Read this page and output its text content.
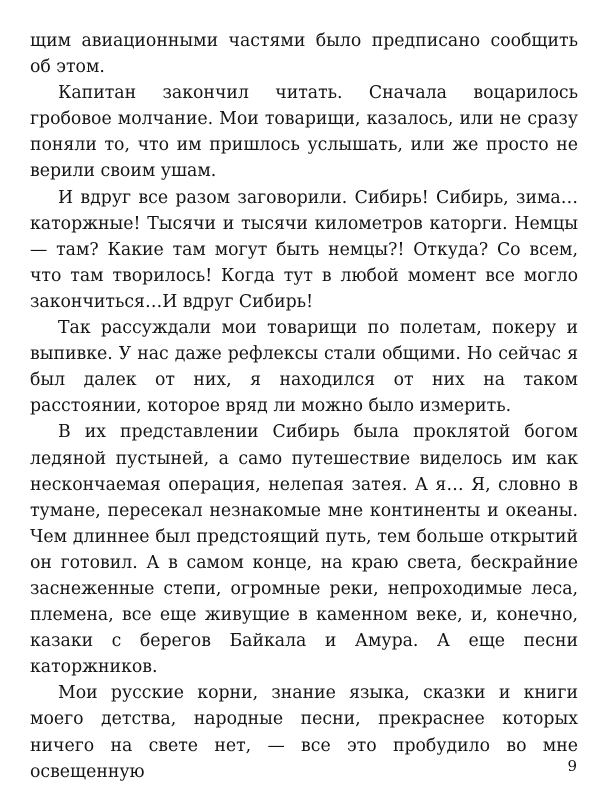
щим авиационными частями было предписано сообщить об этом.

Капитан закончил читать. Сначала воцарилось гробовое молчание. Мои товарищи, казалось, или не сразу поняли то, что им пришлось услышать, или же просто не верили своим ушам.

И вдруг все разом заговорили. Сибирь! Сибирь, зима… каторжные! Тысячи и тысячи километров каторги. Немцы — там? Какие там могут быть немцы?! Откуда? Со всем, что там творилось! Когда тут в любой момент все могло закончиться…И вдруг Сибирь!

Так рассуждали мои товарищи по полетам, покеру и выпивке. У нас даже рефлексы стали общими. Но сейчас я был далек от них, я находился от них на таком расстоянии, которое вряд ли можно было измерить.

В их представлении Сибирь была проклятой богом ледяной пустыней, а само путешествие виделось им как нескончаемая операция, нелепая затея. А я… Я, словно в тумане, пересекал незнакомые мне континенты и океаны. Чем длиннее был предстоящий путь, тем больше открытий он готовил. А в самом конце, на краю света, бескрайние заснеженные степи, огромные реки, непроходимые леса, племена, все еще живущие в каменном веке, и, конечно, казаки с берегов Байкала и Амура. А еще песни каторжников.

Мои русские корни, знание языка, сказки и книги моего детства, народные песни, прекраснее которых ничего на свете нет, — все это пробудило во мне освещенную	9
